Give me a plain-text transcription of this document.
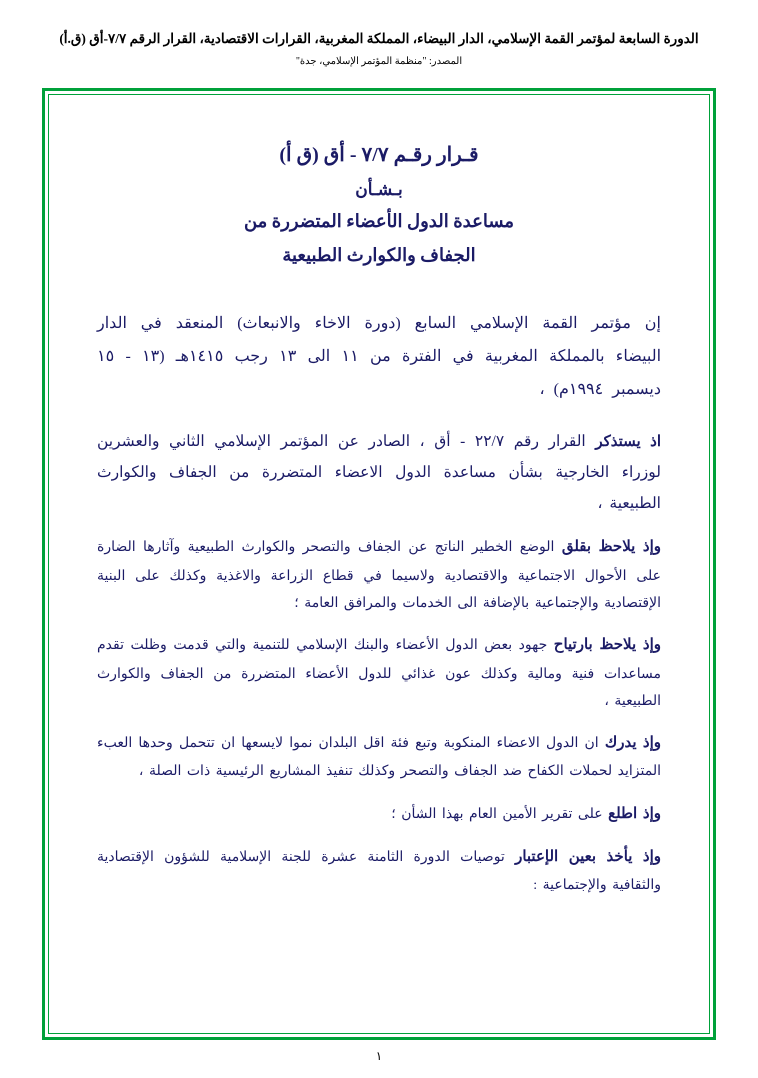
الدورة السابعة لمؤتمر القمة الإسلامي، الدار البيضاء، المملكة المغربية، القرارات الاقتصادية، القرار الرقم ٧/٧-أق (ق.أ)
المصدر: "منظمة المؤتمر الإسلامي، جدة"
قـرار رقـم ٧/٧ - أق (ق أ)
بـشـأن
مساعدة الدول الأعضاء المتضررة من
الجفاف والكوارث الطبيعية

إن مؤتمر القمة الإسلامي السابع (دورة الاخاء والانبعاث) المنعقد في الدار البيضاء بالمملكة المغربية في الفترة من ١١ الى ١٣ رجب ١٤١٥هـ (١٣ - ١٥ ديسمبر ١٩٩٤م) ،

اذ يستذكر القرار رقم ٢٢/٧ - أق ، الصادر عن المؤتمر الإسلامي الثاني والعشرين لوزراء الخارجية بشأن مساعدة الدول الاعضاء المتضررة من الجفاف والكوارث الطبيعية ،

وإذ يلاحظ بقلق الوضع الخطير الناتج عن الجفاف والتصحر والكوارث الطبيعية وآثارها الضارة على الأحوال الاجتماعية والاقتصادية ولاسيما في قطاع الزراعة والاغذية وكذلك على البنية الإقتصادية والإجتماعية بالإضافة الى الخدمات والمرافق العامة ؛

وإذ يلاحظ بارتياح جهود بعض الدول الأعضاء والبنك الإسلامي للتنمية والتي قدمت وظلت تقدم مساعدات فنية ومالية وكذلك عون غذائي للدول الأعضاء المتضررة من الجفاف والكوارث الطبيعية ،

وإذ يدرك ان الدول الاعضاء المنكوبة وتبع فئة اقل البلدان نموا لايسعها ان تتحمل وحدها العبء المتزايد لحملات الكفاح ضد الجفاف والتصحر وكذلك تنفيذ المشاريع الرئيسية ذات الصلة ،

وإذ اطلع على تقرير الأمين العام بهذا الشأن ؛

وإذ يأخذ بعين الإعتبار توصيات الدورة الثامنة عشرة للجنة الإسلامية للشؤون الإقتصادية والثقافية والإجتماعية :

١
